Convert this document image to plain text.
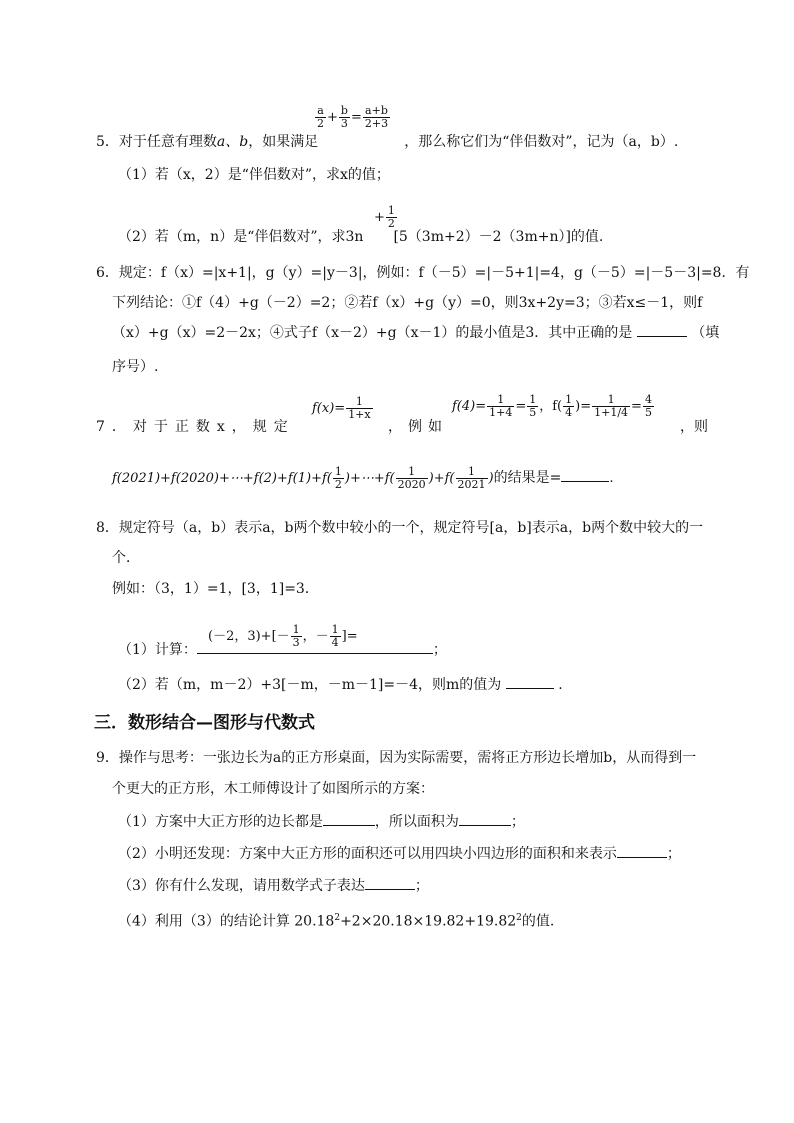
$\frac{a}{2} + \frac{b}{3} = \frac{a+b}{2+3}$
5．对于任意有理数a、b，如果满足	，那么称它们为“伴侣数对”，记为（a，b）.
（1）若（x，2）是“伴侣数对”，求x的值；
+ $\frac{1}{2}$
（2）若（m，n）是“伴侣数对”，求3n [5（3m+2）－2（3m+n）]的值.
6．规定：f（x）=|x+1|，g（y）=|y－3|，例如：f（－5）=|－5+1|=4，g（－5）=|－5－3|=8．有
下列结论：①f（4）+g（－2）=2；②若f（x）+g（y）=0，则3x+2y=3；③若x≤－1，则f
（x）+g（x）=2－2x；④式子f（x－2）+g（x－1）的最小值是3．其中正确的是	（填
序号）.
7．对于正数x，规定
$f(x)= \frac{1}{1+x}$
，例如
$f(4)= \frac{1}{1+4} = \frac{1}{5}$ ，$f( \frac{1}{4}$ )= $\frac{1}{1+1/4} = \frac{4}{5}$
，则
f(2021)+f(2020)+⋯+f(2)+f(1)+f( $\frac{1}{2}$ )+⋯+f( $\frac{1}{2020} )+f( \frac{1}{2021}$ )的结果是=	.
8．规定符号（a，b）表示a，b两个数中较小的一个，规定符号[a，b]表示a，b两个数中较大的一
个．
例如：（3，1）=1，[3，1]=3．
(－2，$3)+[- \frac{1}{3}$ ，－ $\frac{1}{4}$ ]=
（1）计算：	；
（2）若（m，m－2）+3[－m，－m－1]=－4，则m的值为	.
三．数形结合—图形与代数式
9．操作与思考：一张边长为a的正方形桌面，因为实际需要，需将正方形边长增加b，从而得到一
个更大的正方形，木工师傅设计了如图所示的方案：
（1）方案中大正方形的边长都是	，所以面积为	；
（2）小明还发现：方案中大正方形的面积还可以用四块小四边形的面积和来表示	；
（3）你有什么发现，请用数学式子表达	；
（4）利用（3）的结论计算 $20.18^2+2\times 20.18\times 19.82+19.82^2$的值.
